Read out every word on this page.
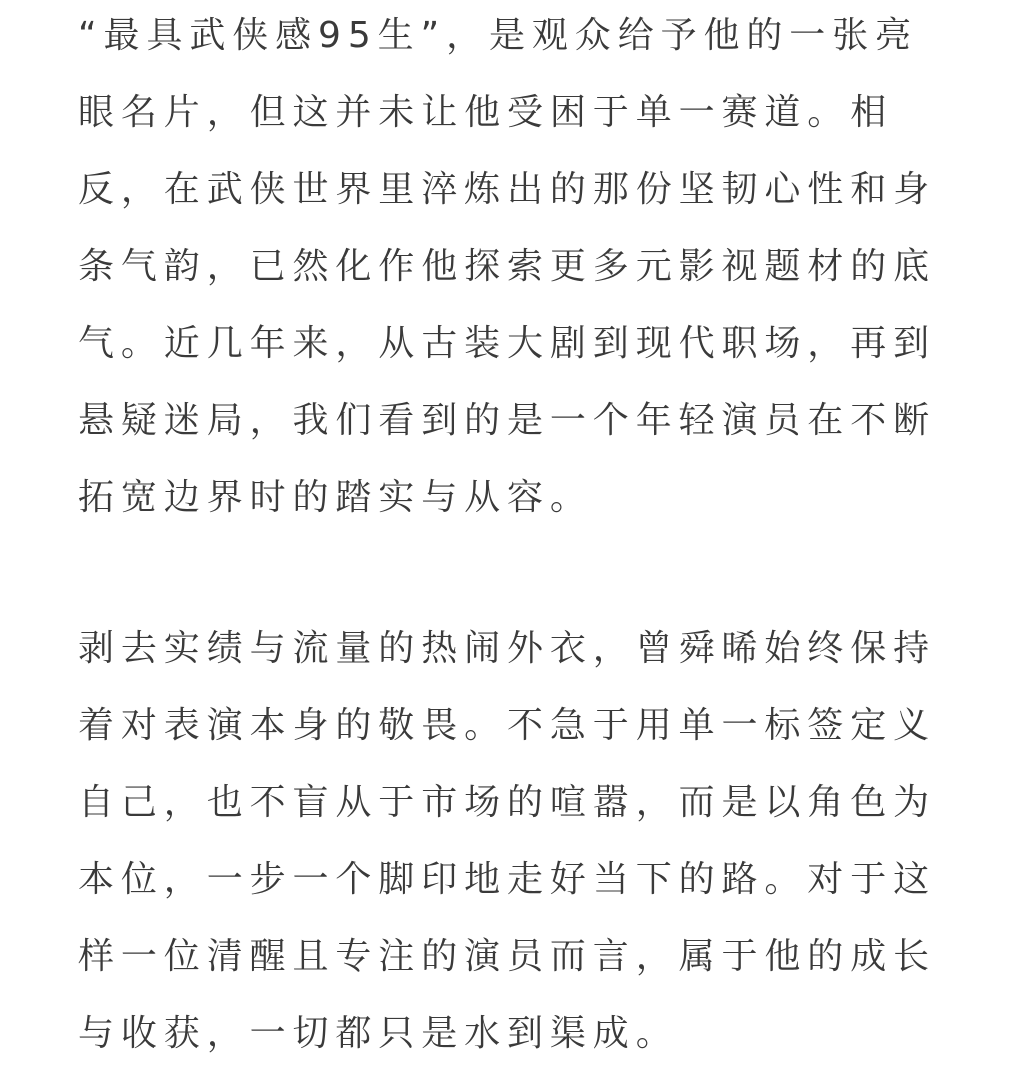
“最具武侠感95生”，是观众给予他的一张亮
眼名片，但这并未让他受困于单一赛道。相
反，在武侠世界里淬炼出的那份坚韧心性和身
条气韵，已然化作他探索更多元影视题材的底
气。近几年来，从古装大剧到现代职场，再到
悬疑迷局，我们看到的是一个年轻演员在不断
拓宽边界时的踏实与从容。
剥去实绩与流量的热闹外衣，曾舜晞始终保持
着对表演本身的敬畏。不急于用单一标签定义
自己，也不盲从于市场的喧嚣，而是以角色为
本位，一步一个脚印地走好当下的路。对于这
样一位清醒且专注的演员而言，属于他的成长
与收获，一切都只是水到渠成。
